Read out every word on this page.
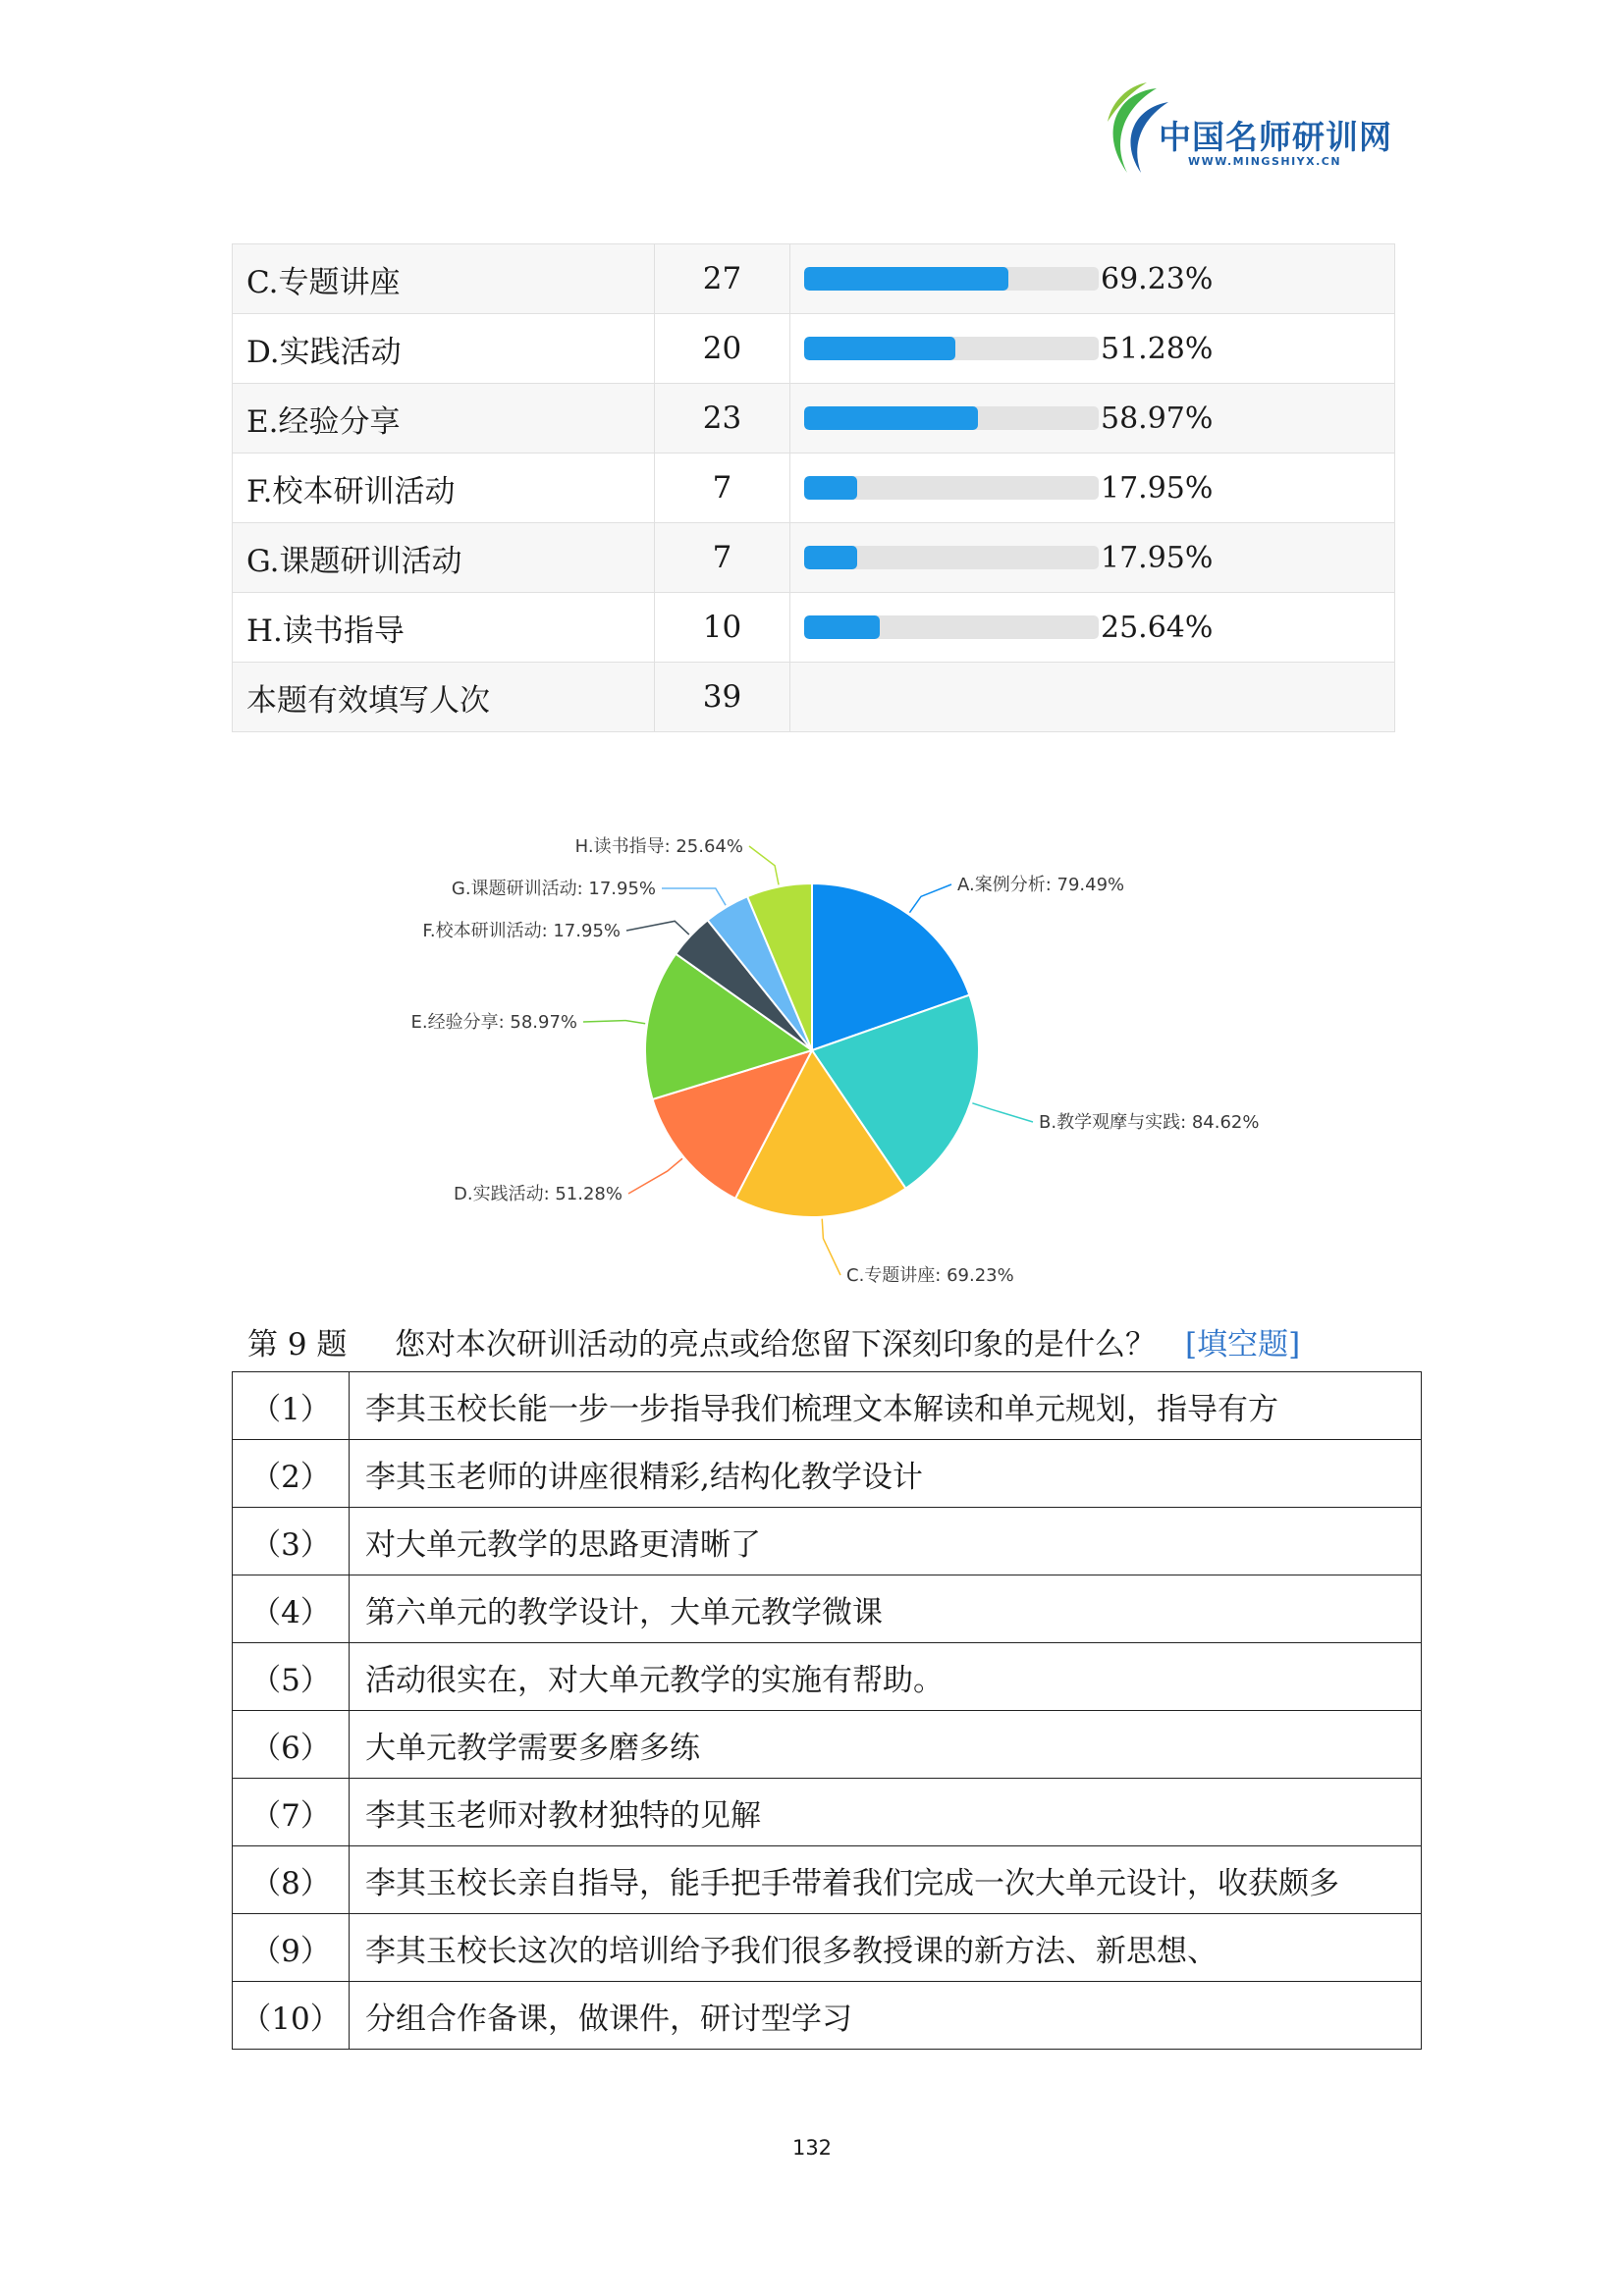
中国名师研训网
WWW.MINGSHIYX.CN
C.专题讲座	27	69.23%

D.实践活动	20	51.28%

E.经验分享	23	58.97%

F.校本研训活动	7	17.95%

G.课题研训活动	7	17.95%

H.读书指导	10	25.64%

本题有效填写人次	39	
A.案例分析: 79.49%
B.教学观摩与实践: 84.62%
C.专题讲座: 69.23%
D.实践活动: 51.28%
E.经验分享: 58.97%
F.校本研训活动: 17.95%
G.课题研训活动: 17.95%
H.读书指导: 25.64%
第 9 题 您对本次研训活动的亮点或给您留下深刻印象的是什么？ [填空题]
（1）	李其玉校长能一步一步指导我们梳理文本解读和单元规划，指导有方
（2）	李其玉老师的讲座很精彩,结构化教学设计
（3）	对大单元教学的思路更清晰了
（4）	第六单元的教学设计，大单元教学微课
（5）	活动很实在，对大单元教学的实施有帮助。
（6）	大单元教学需要多磨多练
（7）	李其玉老师对教材独特的见解
（8）	李其玉校长亲自指导，能手把手带着我们完成一次大单元设计，收获颇多
（9）	李其玉校长这次的培训给予我们很多教授课的新方法、新思想、
（10）	分组合作备课，做课件，研讨型学习
132
